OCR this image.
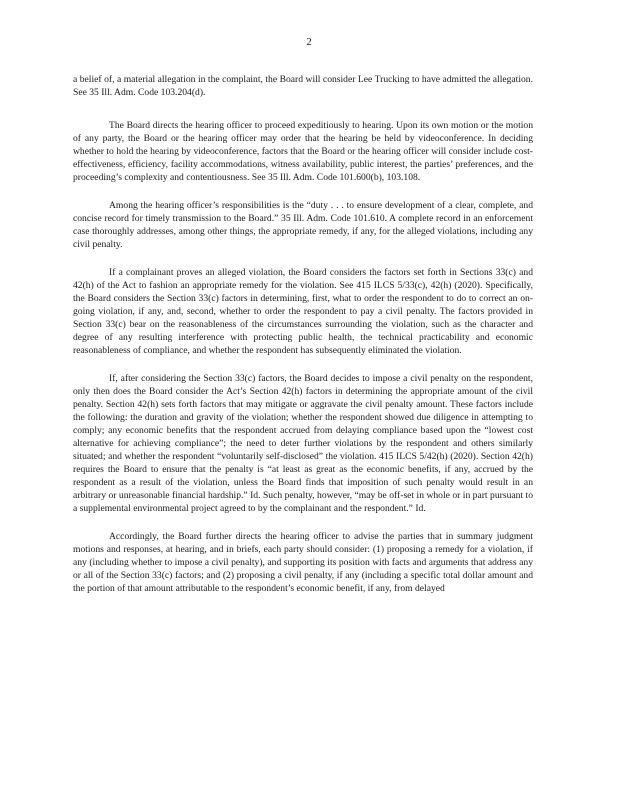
2

a belief of, a material allegation in the complaint, the Board will consider Lee Trucking to have admitted the allegation. See 35 Ill. Adm. Code 103.204(d).

The Board directs the hearing officer to proceed expeditiously to hearing. Upon its own motion or the motion of any party, the Board or the hearing officer may order that the hearing be held by videoconference. In deciding whether to hold the hearing by videoconference, factors that the Board or the hearing officer will consider include cost-effectiveness, efficiency, facility accommodations, witness availability, public interest, the parties’ preferences, and the proceeding’s complexity and contentiousness. See 35 Ill. Adm. Code 101.600(b), 103.108.

Among the hearing officer’s responsibilities is the “duty . . . to ensure development of a clear, complete, and concise record for timely transmission to the Board.” 35 Ill. Adm. Code 101.610. A complete record in an enforcement case thoroughly addresses, among other things, the appropriate remedy, if any, for the alleged violations, including any civil penalty.

If a complainant proves an alleged violation, the Board considers the factors set forth in Sections 33(c) and 42(h) of the Act to fashion an appropriate remedy for the violation. See 415 ILCS 5/33(c), 42(h) (2020). Specifically, the Board considers the Section 33(c) factors in determining, first, what to order the respondent to do to correct an on-going violation, if any, and, second, whether to order the respondent to pay a civil penalty. The factors provided in Section 33(c) bear on the reasonableness of the circumstances surrounding the violation, such as the character and degree of any resulting interference with protecting public health, the technical practicability and economic reasonableness of compliance, and whether the respondent has subsequently eliminated the violation.

If, after considering the Section 33(c) factors, the Board decides to impose a civil penalty on the respondent, only then does the Board consider the Act’s Section 42(h) factors in determining the appropriate amount of the civil penalty. Section 42(h) sets forth factors that may mitigate or aggravate the civil penalty amount. These factors include the following: the duration and gravity of the violation; whether the respondent showed due diligence in attempting to comply; any economic benefits that the respondent accrued from delaying compliance based upon the “lowest cost alternative for achieving compliance”; the need to deter further violations by the respondent and others similarly situated; and whether the respondent “voluntarily self-disclosed” the violation. 415 ILCS 5/42(h) (2020). Section 42(h) requires the Board to ensure that the penalty is “at least as great as the economic benefits, if any, accrued by the respondent as a result of the violation, unless the Board finds that imposition of such penalty would result in an arbitrary or unreasonable financial hardship.” Id. Such penalty, however, “may be off-set in whole or in part pursuant to a supplemental environmental project agreed to by the complainant and the respondent.” Id.

Accordingly, the Board further directs the hearing officer to advise the parties that in summary judgment motions and responses, at hearing, and in briefs, each party should consider: (1) proposing a remedy for a violation, if any (including whether to impose a civil penalty), and supporting its position with facts and arguments that address any or all of the Section 33(c) factors; and (2) proposing a civil penalty, if any (including a specific total dollar amount and the portion of that amount attributable to the respondent’s economic benefit, if any, from delayed
